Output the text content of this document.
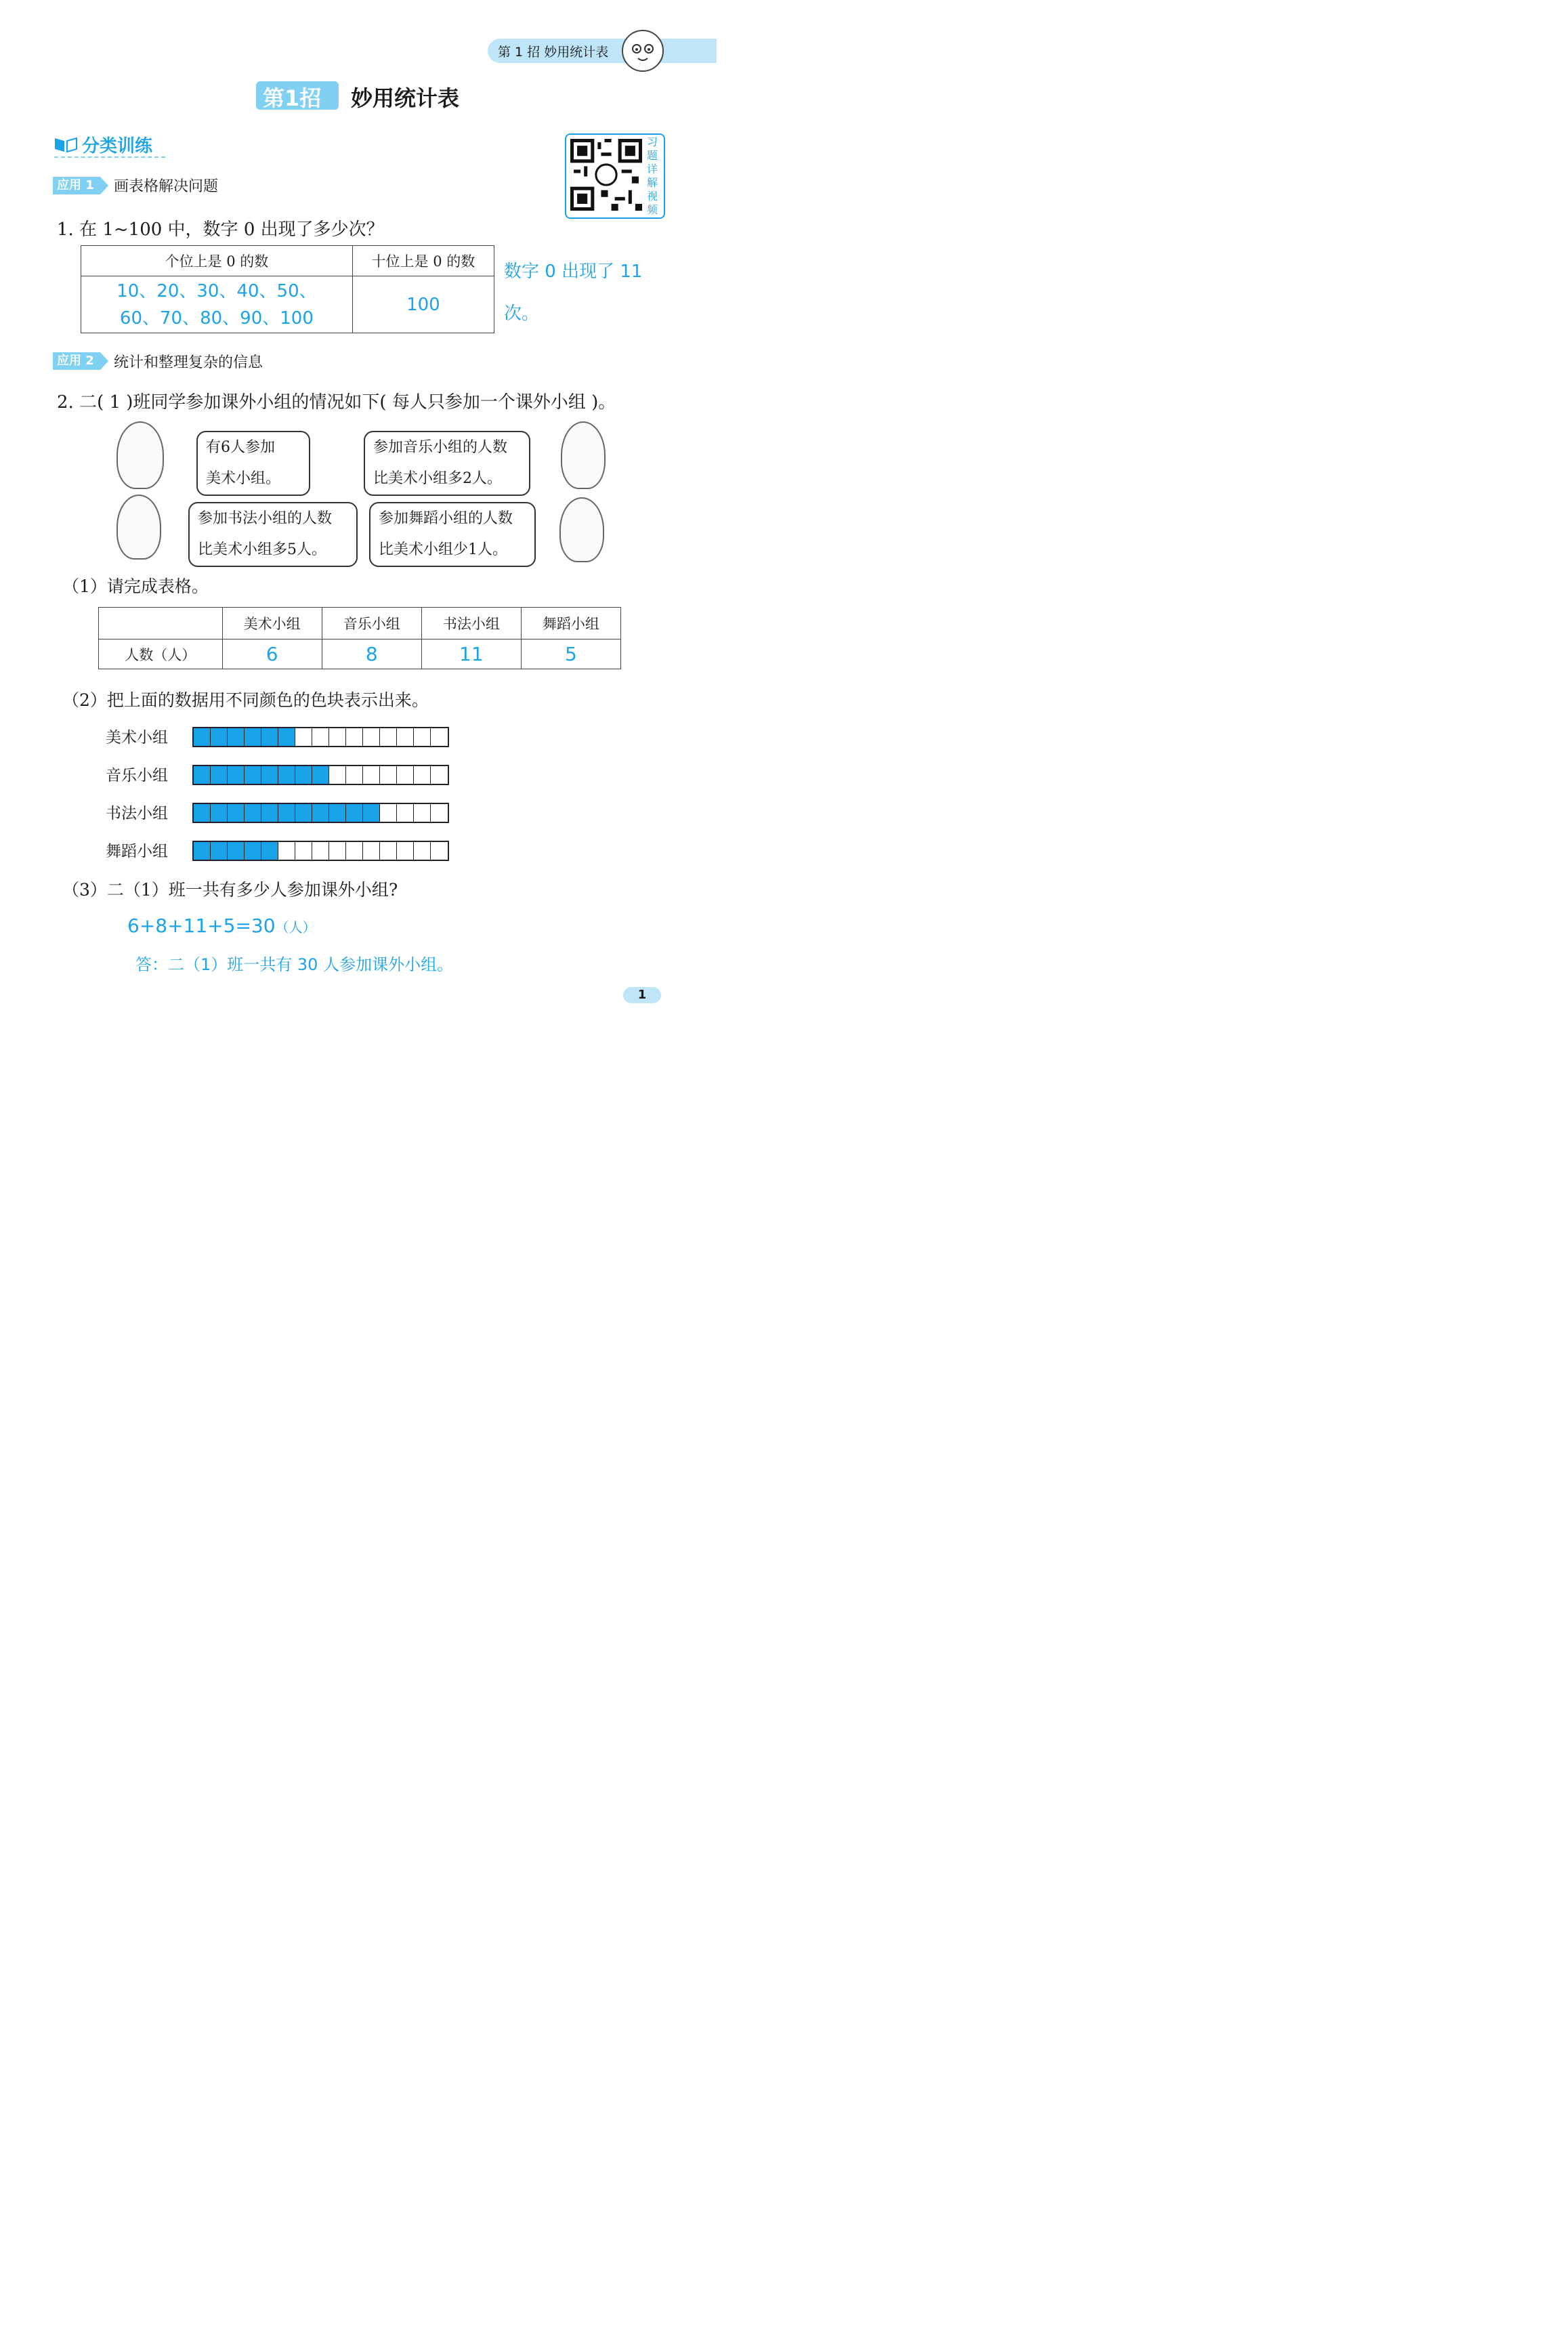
第 1 招 妙用统计表
第1招 妙用统计表
分类训练	习题详解视频
应用 1	画表格解决问题
1. 在 1~100 中，数字 0 出现了多少次？
个位上是 0 的数	十位上是 0 的数

10、20、30、40、50、
60、70、80、90、100	100
数字 0 出现了 11
次。
应用 2	统计和整理复杂的信息
2. 二( 1 )班同学参加课外小组的情况如下( 每人只参加一个课外小组 )。
有6人参加
美术小组。
参加音乐小组的人数
比美术小组多2人。
参加书法小组的人数
比美术小组多5人。
参加舞蹈小组的人数
比美术小组少1人。
（1）请完成表格。
	美术小组	音乐小组	书法小组	舞蹈小组
人数（人）	6	8	11	5
（2）把上面的数据用不同颜色的色块表示出来。
美术小组
音乐小组
书法小组
舞蹈小组
（3）二（1）班一共有多少人参加课外小组?
6+8+11+5=30（人）
答：二（1）班一共有 30 人参加课外小组。
1
